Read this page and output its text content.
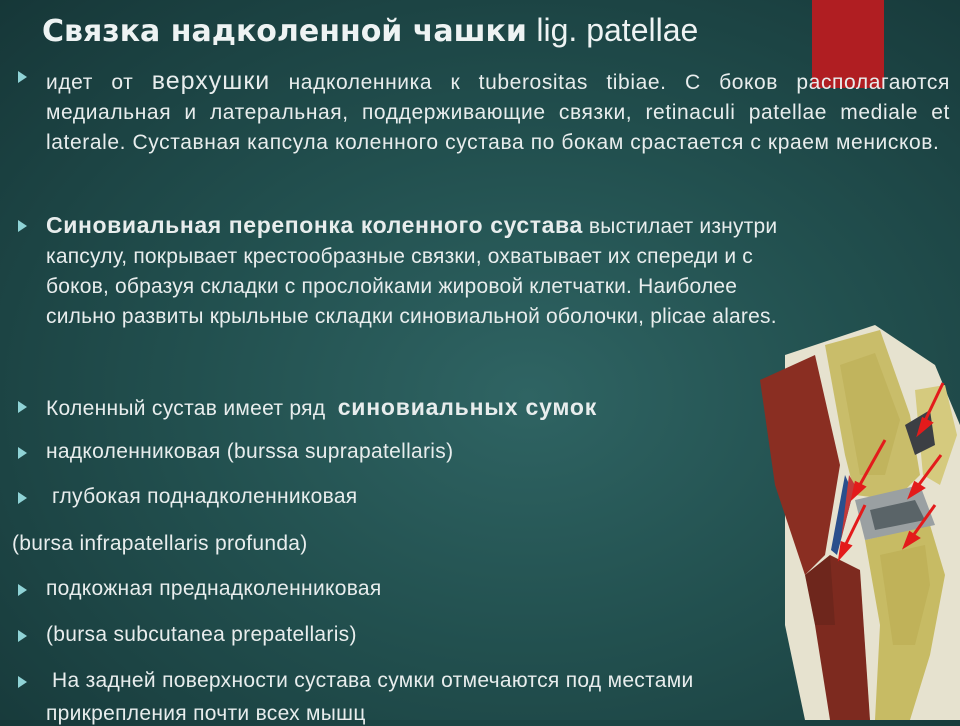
Связка надколенной чашки lig. patellae
идет от верхушки надколенника к tuberositas tibiae. С боков располагаются медиальная и латеральная, поддерживающие связки, retinaculi patellae mediale et laterale. Суставная капсула коленного сустава по бокам срастается с краем менисков.
Синовиальная перепонка коленного сустава выстилает изнутри капсулу, покрывает крестообразные связки, охватывает их спереди и с боков, образуя складки с прослойками жировой клетчатки. Наиболее сильно развиты крыльные складки синовиальной оболочки, plicae alares.
Коленный сустав имеет ряд синовиальных сумок
надколенниковая (burssa suprapatellaris)
глубокая поднадколенниковая
(bursa infrapatellaris profunda)
подкожная преднадколенниковая
(bursa subcutanea prepatellaris)
На задней поверхности сустава сумки отмечаются под местами
прикрепления почти всех мышц
